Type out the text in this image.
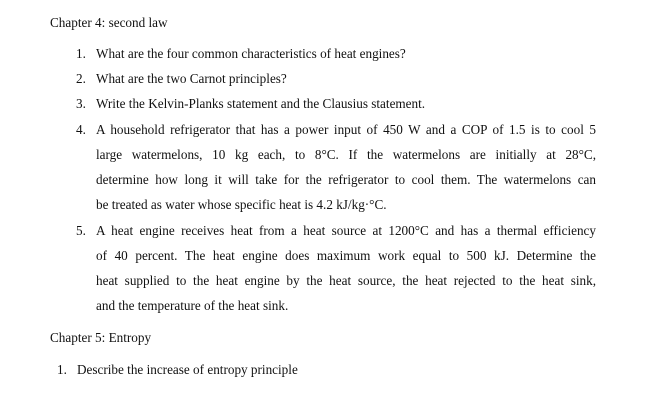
Chapter 4: second law
1. What are the four common characteristics of heat engines?
2. What are the two Carnot principles?
3. Write the Kelvin-Planks statement and the Clausius statement.
4. A household refrigerator that has a power input of 450 W and a COP of 1.5 is to cool 5
large watermelons, 10 kg each, to 8°C. If the watermelons are initially at 28°C,
determine how long it will take for the refrigerator to cool them. The watermelons can
be treated as water whose specific heat is 4.2 kJ/kg·°C.
5. A heat engine receives heat from a heat source at 1200°C and has a thermal efficiency
of 40 percent. The heat engine does maximum work equal to 500 kJ. Determine the
heat supplied to the heat engine by the heat source, the heat rejected to the heat sink,
and the temperature of the heat sink.
Chapter 5: Entropy
1. Describe the increase of entropy principle
